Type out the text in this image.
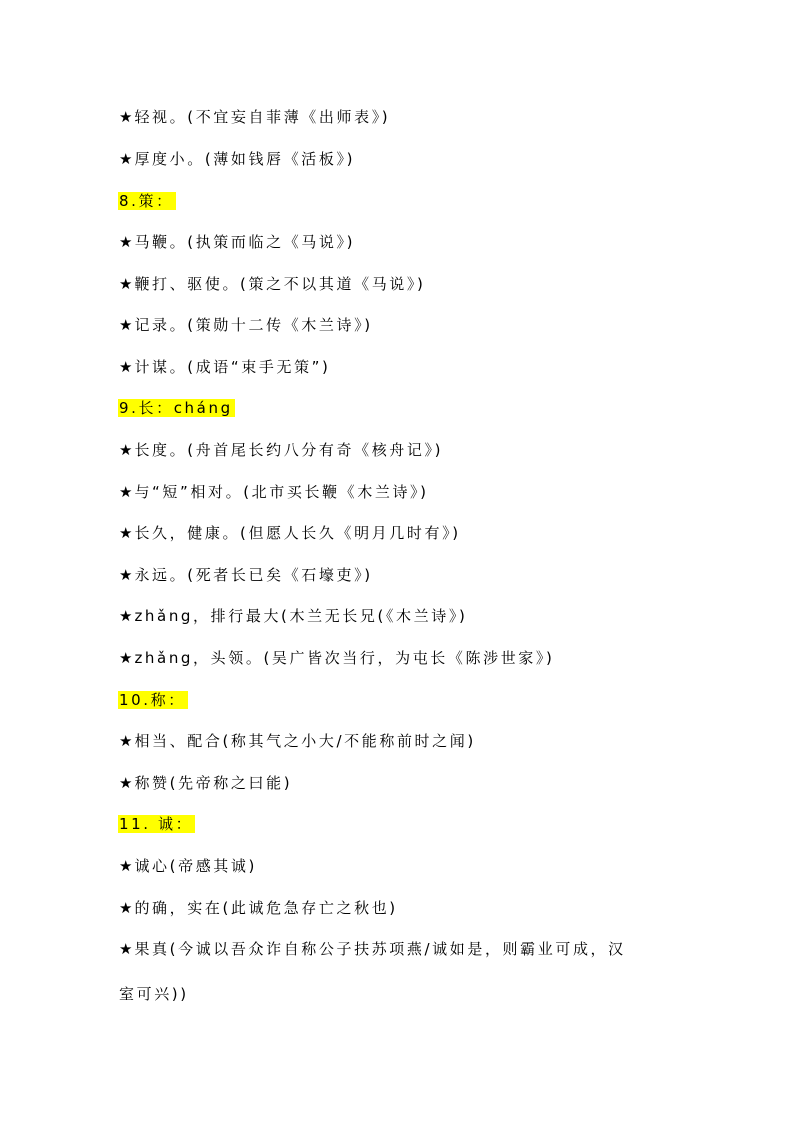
★ 轻视。(不宜妄自菲薄《出师表》)
★ 厚度小。(薄如钱唇《活板》)
8.策：
★ 马鞭。(执策而临之《马说》)
★ 鞭打、驱使。(策之不以其道《马说》)
★ 记录。(策勋十二传《木兰诗》)
★ 计谋。(成语“束手无策”)
9.长：cháng
★ 长度。(舟首尾长约八分有奇《核舟记》)
★ 与“短”相对。(北市买长鞭《木兰诗》)
★ 长久，健康。(但愿人长久《明月几时有》)
★ 永远。(死者长已矣《石壕吏》)
★ zhǎng，排行最大(木兰无长兄(《木兰诗》)
★ zhǎng，头领。(吴广皆次当行，为屯长《陈涉世家》)
10.称：
★ 相当、配合(称其气之小大/不能称前时之闻)
★ 称赞(先帝称之曰能)
11. 诚：
★ 诚心(帝感其诚)
★ 的确，实在(此诚危急存亡之秋也)
★ 果真(今诚以吾众诈自称公子扶苏项燕/诚如是，则霸业可成，汉
室可兴))
